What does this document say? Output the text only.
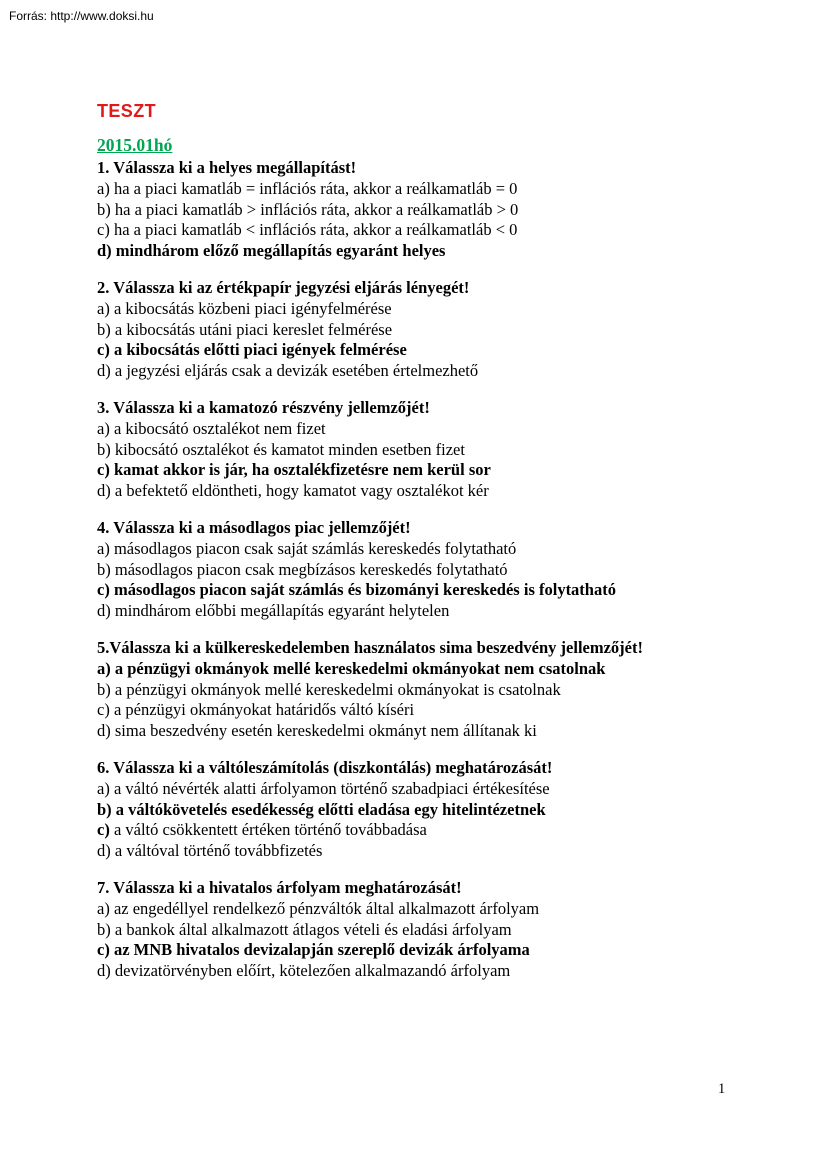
Forrás: http://www.doksi.hu
TESZT
2015.01hó

1. Válassza ki a helyes megállapítást!

a) ha a piaci kamatláb = inflációs ráta, akkor a reálkamatláb = 0

b) ha a piaci kamatláb > inflációs ráta, akkor a reálkamatláb > 0

c) ha a piaci kamatláb < inflációs ráta, akkor a reálkamatláb < 0

d) mindhárom előző megállapítás egyaránt helyes

2. Válassza ki az értékpapír jegyzési eljárás lényegét!

a) a kibocsátás közbeni piaci igényfelmérése

b) a kibocsátás utáni piaci kereslet felmérése

c) a kibocsátás előtti piaci igények felmérése

d) a jegyzési eljárás csak a devizák esetében értelmezhető

3. Válassza ki a kamatozó részvény jellemzőjét!

a) a kibocsátó osztalékot nem fizet

b) kibocsátó osztalékot és kamatot minden esetben fizet

c) kamat akkor is jár, ha osztalékfizetésre nem kerül sor

d) a befektető eldöntheti, hogy kamatot vagy osztalékot kér

4. Válassza ki a másodlagos piac jellemzőjét!

a) másodlagos piacon csak saját számlás kereskedés folytatható

b) másodlagos piacon csak megbízásos kereskedés folytatható

c) másodlagos piacon saját számlás és bizományi kereskedés is folytatható

d) mindhárom előbbi megállapítás egyaránt helytelen

5.Válassza ki a külkereskedelemben használatos sima beszedvény jellemzőjét!

a) a pénzügyi okmányok mellé kereskedelmi okmányokat nem csatolnak

b) a pénzügyi okmányok mellé kereskedelmi okmányokat is csatolnak

c) a pénzügyi okmányokat határidős váltó kíséri

d) sima beszedvény esetén kereskedelmi okmányt nem állítanak ki

6. Válassza ki a váltóleszámítolás (diszkontálás) meghatározását!

a) a váltó névérték alatti árfolyamon történő szabadpiaci értékesítése

b) a váltókövetelés esedékesség előtti eladása egy hitelintézetnek

c) a váltó csökkentett értéken történő továbbadása

d) a váltóval történő továbbfizetés

7. Válassza ki a hivatalos árfolyam meghatározását!

a) az engedéllyel rendelkező pénzváltók által alkalmazott árfolyam

b) a bankok által alkalmazott átlagos vételi és eladási árfolyam

c) az MNB hivatalos devizalapján szereplő devizák árfolyama

d) devizatörvényben előírt, kötelezően alkalmazandó árfolyam

1
